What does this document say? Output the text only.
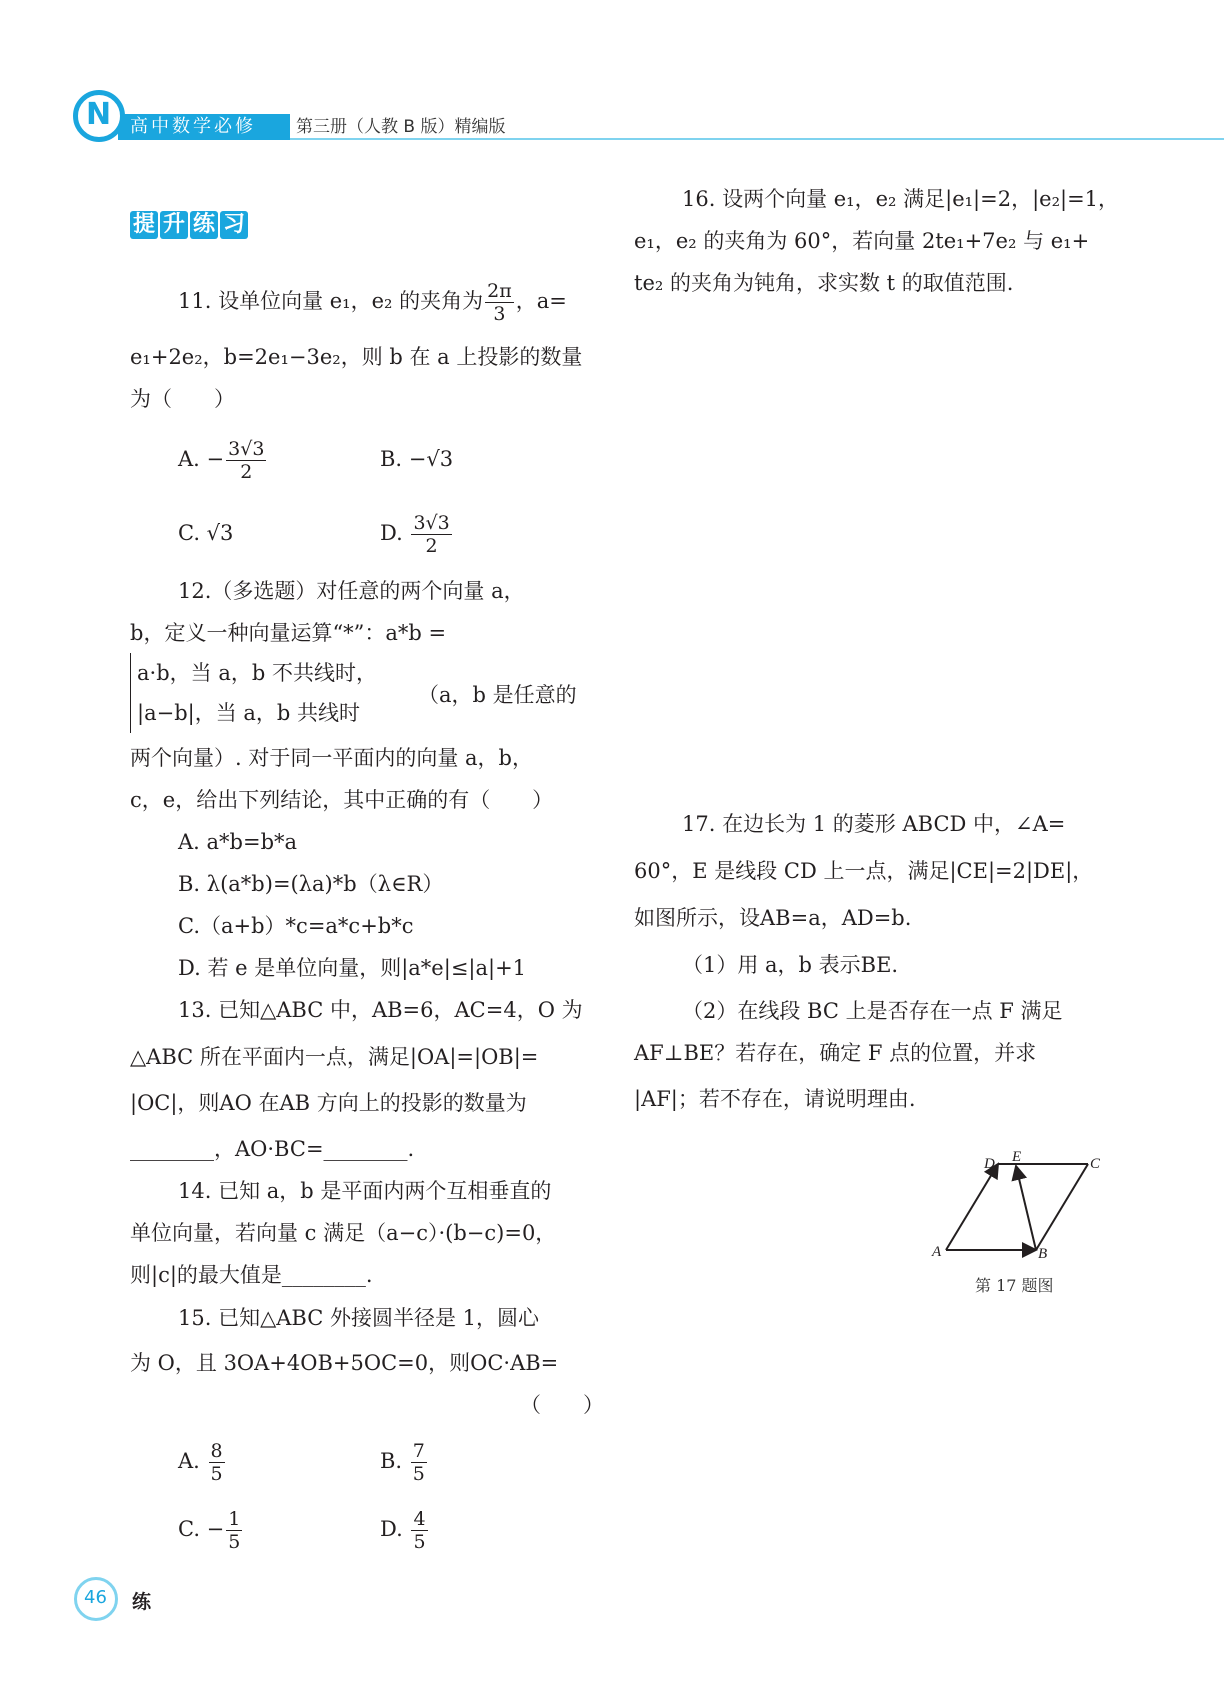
高中数学必修
N	第三册（人教 B 版）精编版
提 升 练 习
11. 设单位向量 e₁，e₂ 的夹角为 $\frac{2\pi}{3}$ ，a=
e₁+2e₂，b=2e₁−3e₂，则 b 在 a 上投影的数量
为（　　）
A. − $\frac{3√3}{2}$	B. −√3
C. √3	D. $\frac{3√3}{2}$
12.（多选题）对任意的两个向量 a，
b，定义一种向量运算“*”：a*b =
a·b，当 a，b 不共线时，
|a−b|，当 a，b 共线时
（a，b 是任意的
两个向量）. 对于同一平面内的向量 a，b，
c，e，给出下列结论，其中正确的有（　　）
A. a*b=b*a
B. λ(a*b)=(λa)*b（λ∈R）
C.（a+b）*c=a*c+b*c
D. 若 e 是单位向量，则|a*e|≤|a|+1
13. 已知△ABC 中，AB=6，AC=4，O 为
△ABC 所在平面内一点，满足|OA|=|OB|=
|OC|，则AO 在AB 方向上的投影的数量为
________，AO·BC=________.
14. 已知 a，b 是平面内两个互相垂直的
单位向量，若向量 c 满足（a−c）·(b−c)=0，
则|c|的最大值是________.
15. 已知△ABC 外接圆半径是 1，圆心
为 O，且 3OA+4OB+5OC=0，则OC·AB=
（　　）
A. $\frac{8}{5}$	B. $\frac{7}{5}$
C. − $\frac{1}{5}$	D. $\frac{4}{5}$
16. 设两个向量 e₁，e₂ 满足|e₁|=2，|e₂|=1，
e₁，e₂ 的夹角为 60°，若向量 2te₁+7e₂ 与 e₁+
te₂ 的夹角为钝角，求实数 t 的取值范围.
17. 在边长为 1 的菱形 ABCD 中，∠A=
60°，E 是线段 CD 上一点，满足|CE|=2|DE|，
如图所示，设AB=a，AD=b.
（1）用 a，b 表示BE.
（2）在线段 BC 上是否存在一点 F 满足
AF⊥BE？若存在，确定 F 点的位置，并求
|AF|；若不存在，请说明理由.
A	B
C
D E
第 17 题图
46 练
